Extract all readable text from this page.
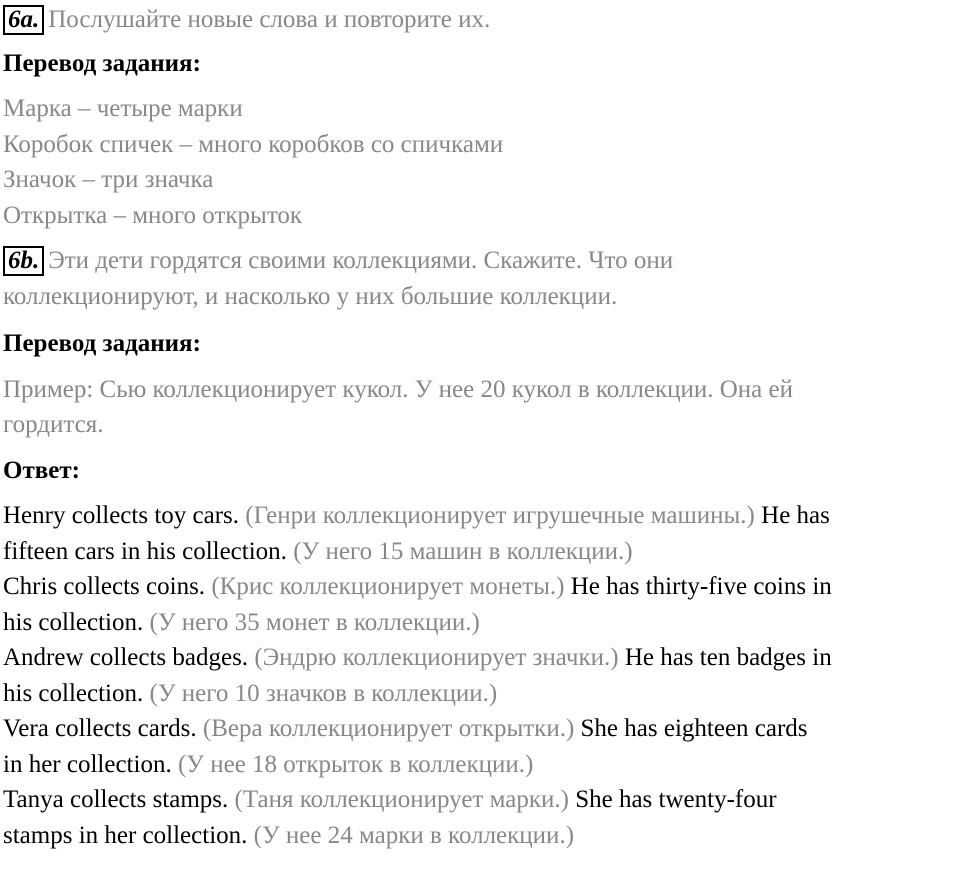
6a. Послушайте новые слова и повторите их.

Перевод задания:

Марка – четыре марки

Коробок спичек – много коробков со спичками

Значок – три значка

Открытка – много открыток

6b. Эти дети гордятся своими коллекциями. Скажите. Что они

коллекционируют, и насколько у них большие коллекции.

Перевод задания:

Пример: Сью коллекционирует кукол. У нее 20 кукол в коллекции. Она ей

гордится.

Ответ:

Henry collects toy cars. (Генри коллекционирует игрушечные машины.) He has

fifteen cars in his collection. (У него 15 машин в коллекции.)

Chris collects coins. (Крис коллекционирует монеты.) He has thirty-five coins in

his collection. (У него 35 монет в коллекции.)

Andrew collects badges. (Эндрю коллекционирует значки.) He has ten badges in

his collection. (У него 10 значков в коллекции.)

Vera collects cards. (Вера коллекционирует открытки.) She has eighteen cards

in her collection. (У нее 18 открыток в коллекции.)

Tanya collects stamps. (Таня коллекционирует марки.) She has twenty-four

stamps in her collection. (У нее 24 марки в коллекции.)
